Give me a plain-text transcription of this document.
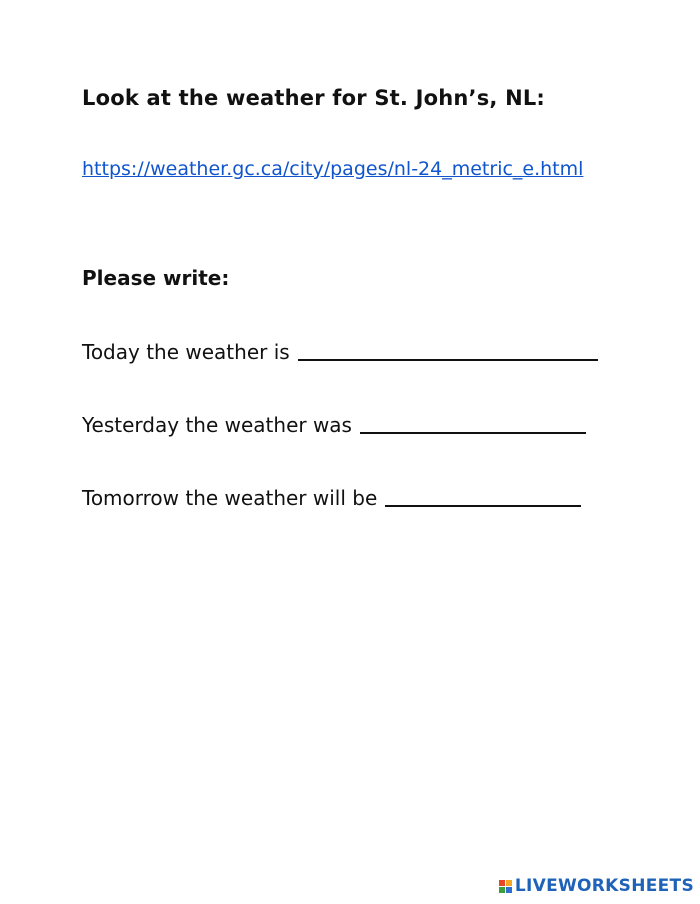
Look at the weather for St. John’s, NL:
https://weather.gc.ca/city/pages/nl-24_metric_e.html
Please write:
Today the weather is
Yesterday the weather was
Tomorrow the weather will be
LIVEWORKSHEETS
